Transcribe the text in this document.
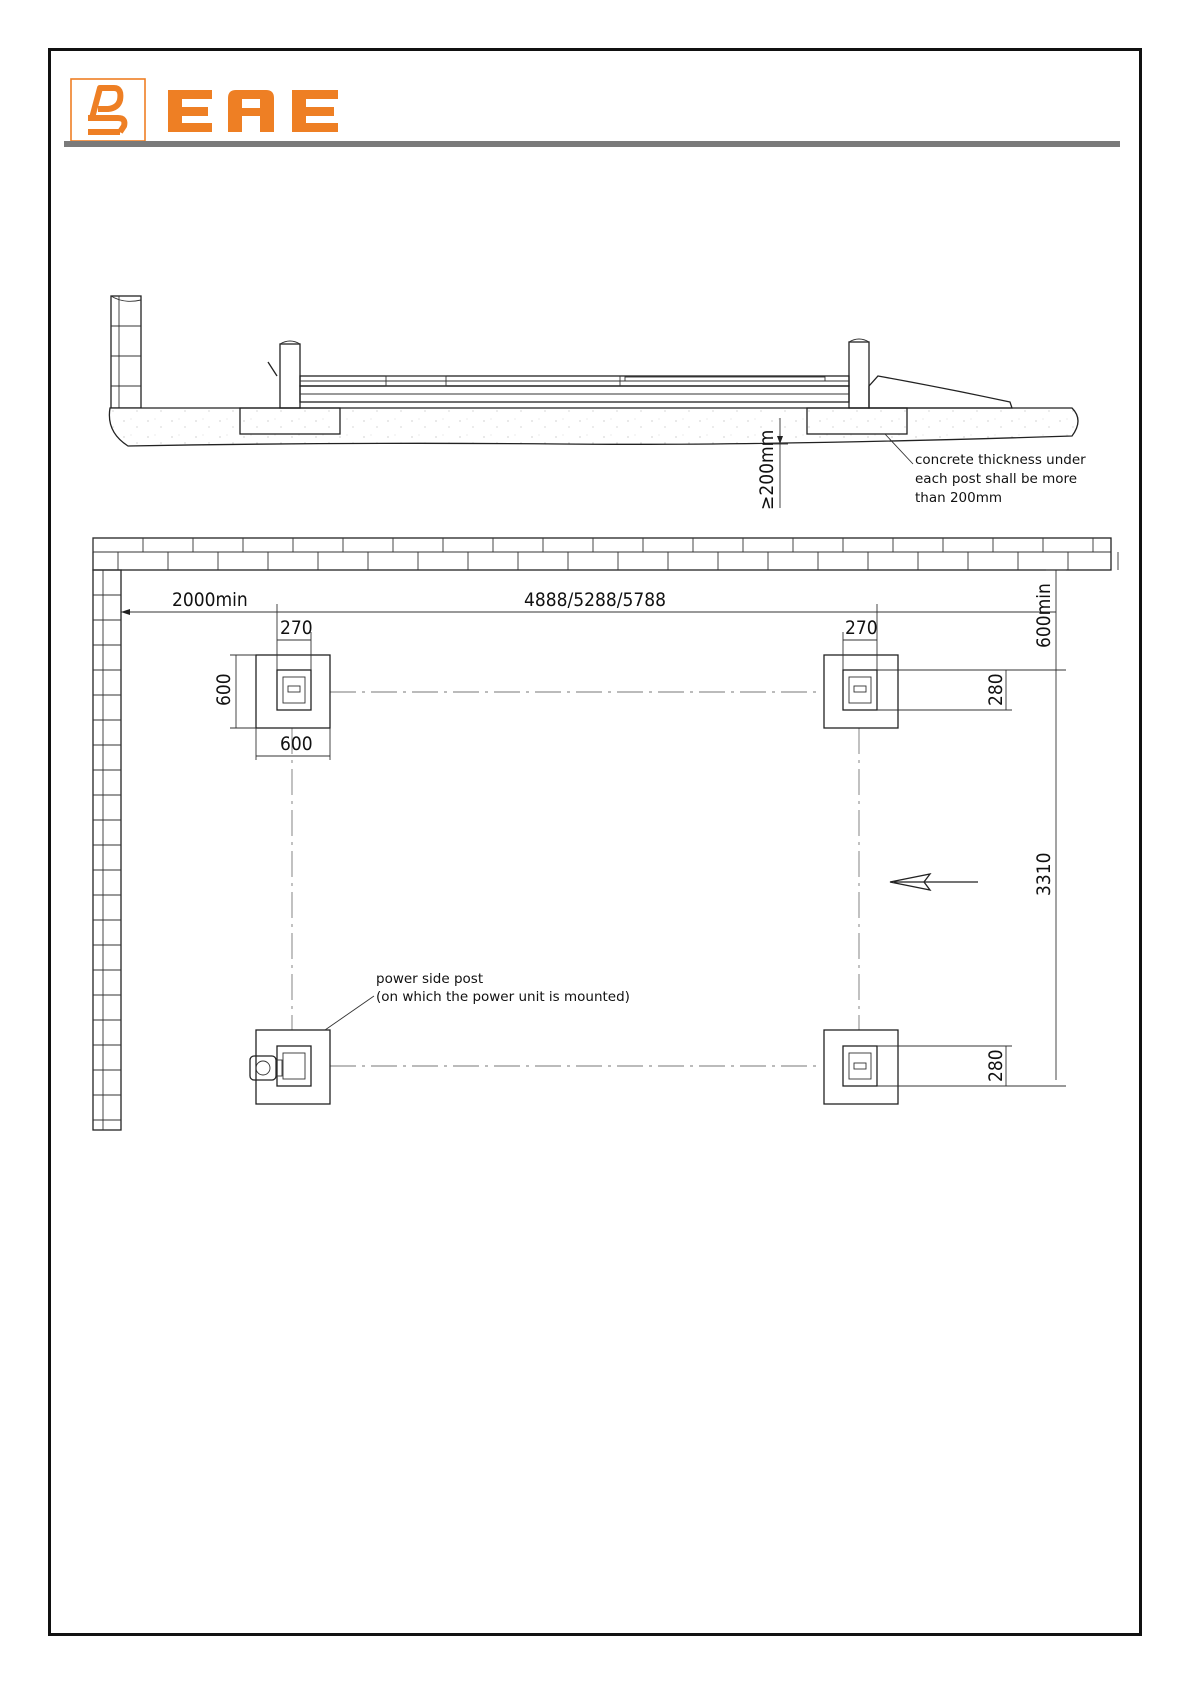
≥200mm	concrete thickness under
each post shall be more
than 200mm
2000min	4888/5288/5788
270	270
600
600
600min
280
280
3310
power side post
(on which the power unit is mounted)
